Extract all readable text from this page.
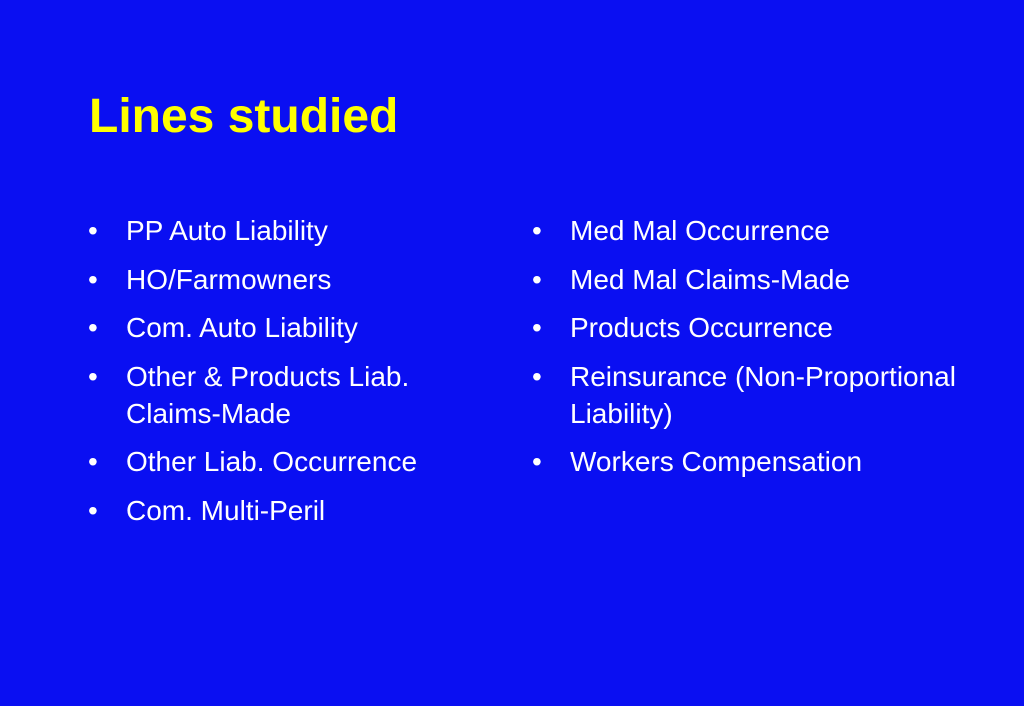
Lines studied
•	PP Auto Liability
•	HO/Farmowners
•	Com. Auto Liability
•	Other & Products Liab. Claims-Made
•	Other Liab. Occurrence
•	Com. Multi-Peril
•	Med Mal Occurrence
•	Med Mal Claims-Made
•	Products Occurrence
•	Reinsurance (Non-Proportional Liability)
•	Workers Compensation
